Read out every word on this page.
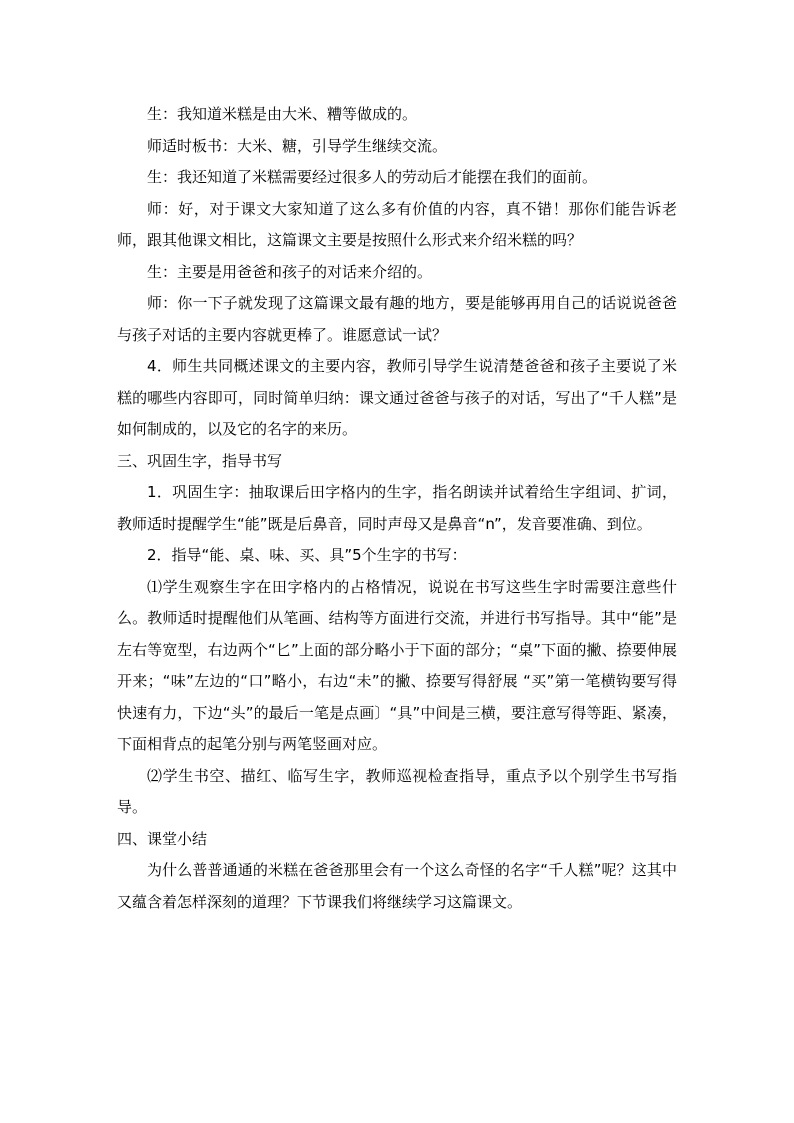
生：我知道米糕是由大米、糟等做成的。

师适时板书：大米、糖，引导学生继续交流。

生：我还知道了米糕需要经过很多人的劳动后才能摆在我们的面前。

师：好，对于课文大家知道了这么多有价值的内容，真不错！那你们能告诉老师，跟其他课文相比，这篇课文主要是按照什么形式来介绍米糕的吗？

生：主要是用爸爸和孩子的对话来介绍的。

师：你一下子就发现了这篇课文最有趣的地方，要是能够再用自己的话说说爸爸与孩子对话的主要内容就更棒了。谁愿意试一试？

4．师生共同概述课文的主要内容，教师引导学生说清楚爸爸和孩子主要说了米糕的哪些内容即可，同时简单归纳：课文通过爸爸与孩子的对话，写出了“千人糕”是如何制成的，以及它的名字的来历。

三、巩固生字，指导书写

1．巩固生字：抽取课后田字格内的生字，指名朗读并试着给生字组词、扩词，教师适时提醒学生“能”既是后鼻音，同时声母又是鼻音“n”，发音要准确、到位。

2．指导“能、桌、味、买、具”5个生字的书写：

⑴学生观察生字在田字格内的占格情况，说说在书写这些生字时需要注意些什么。教师适时提醒他们从笔画、结构等方面进行交流，并进行书写指导。其中“能”是左右等宽型，右边两个“匕”上面的部分略小于下面的部分；“桌”下面的撇、捺要伸展开来；“味”左边的“口”略小，右边“未”的撇、捺要写得舒展 “买”第一笔横钩要写得快速有力，下边“头”的最后一笔是点画〕“具”中间是三横，要注意写得等距、紧凑，下面相背点的起笔分别与两笔竖画对应。

⑵学生书空、描红、临写生字，教师巡视检查指导，重点予以个别学生书写指导。

四、课堂小结

为什么普普通通的米糕在爸爸那里会有一个这么奇怪的名字“千人糕”呢？这其中又蕴含着怎样深刻的道理？下节课我们将继续学习这篇课文。
